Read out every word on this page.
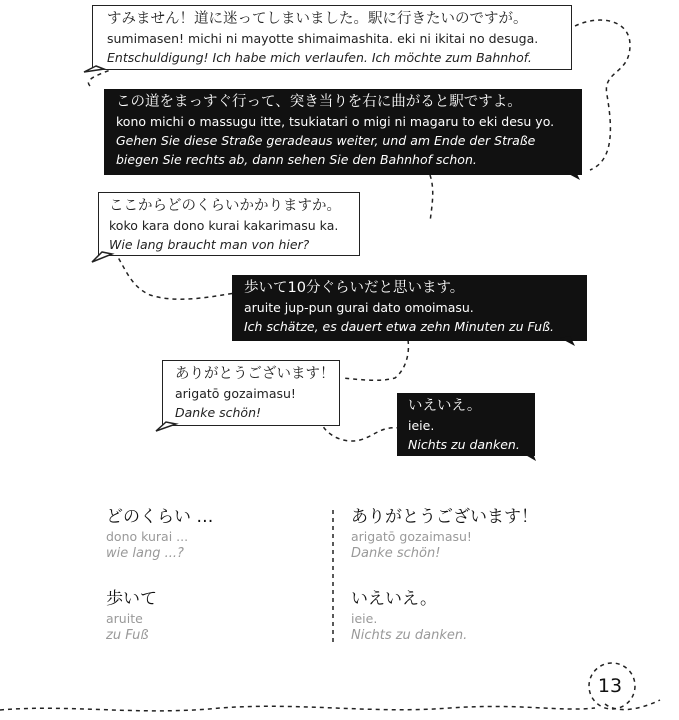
すみません！道に迷ってしまいました。駅に行きたいのですが。
sumimasen! michi ni mayotte shimaimashita. eki ni ikitai no desuga.
Entschuldigung! Ich habe mich verlaufen. Ich möchte zum Bahnhof.
この道をまっすぐ行って、突き当りを右に曲がると駅ですよ。
kono michi o massugu itte, tsukiatari o migi ni magaru to eki desu yo.
Gehen Sie diese Straße geradeaus weiter, und am Ende der Straße
biegen Sie rechts ab, dann sehen Sie den Bahnhof schon.
ここからどのくらいかかりますか。
koko kara dono kurai kakarimasu ka.
Wie lang braucht man von hier?
歩いて10分ぐらいだと思います。
aruite jup-pun gurai dato omoimasu.
Ich schätze, es dauert etwa zehn Minuten zu Fuß.
ありがとうございます！
arigatō gozaimasu!
Danke schön!	いえいえ。
ieie.
Nichts zu danken.
どのくらい …
dono kurai ...
wie lang ...?
歩いて
aruite
zu Fuß
ありがとうございます！
arigatō gozaimasu!
Danke schön!
いえいえ。
ieie.
Nichts zu danken.
13
